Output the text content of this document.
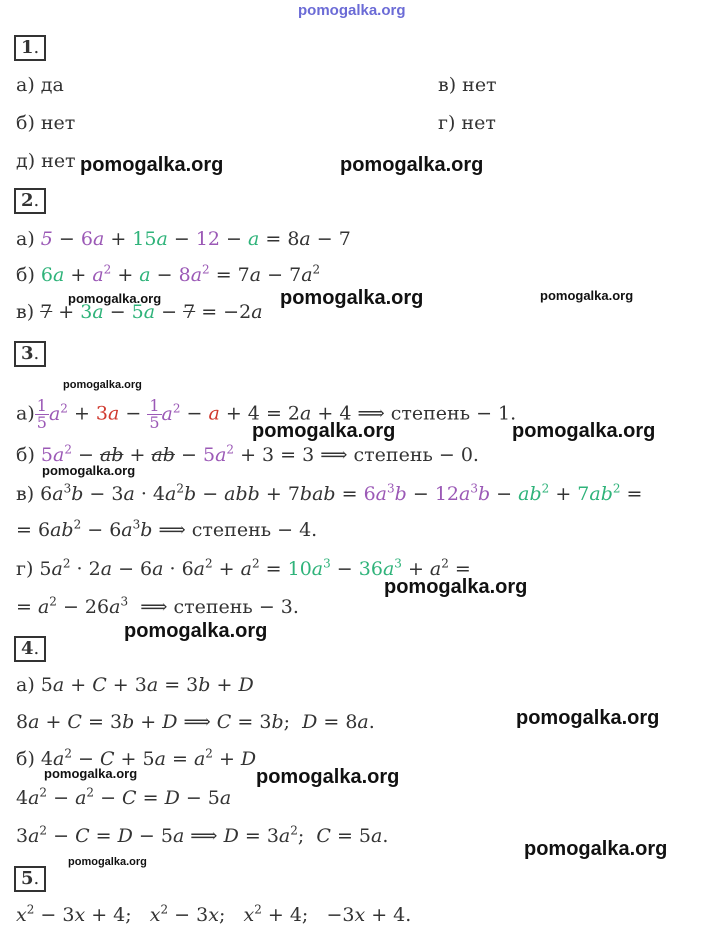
pomogalka.org
1.
а) да	в) нет
б) нет	г) нет
д) нет pomogalka.org	pomogalka.org
2.
а) 5 − 6a + 15a − 12 − a = 8a − 7
б) $6a + a^2 + a - 8a^2 = 7a - 7a^2$
в) 7 + 3a − 5a − 7 = −2a
pomogalka.org	pomogalka.org	pomogalka.org
3.
pomogalka.org
$а) \frac{1}{5} a^2 + 3a - \frac{1}{5} a^2 - a + 4 = 2a + 4$ ⟹ степень − 1.
pomogalka.org	pomogalka.org
б) $5a^2$ − ab + ab − $5a^2 + 3 = 3$ ⟹ степень − 0.
pomogalka.org
в) $6a^3b - 3a \cdot 4a^2b$ − abb + $7bab = 6a^3b - 12a^3b - ab^2 + 7ab^2$ =
= $6ab^2 - 6a^3b$ ⟹ степень − 4.
г) $5a^2 \cdot 2a - 6a \cdot 6a^2 + a^2 = 10a^3 - 36a^3 + a^2$ =
pomogalka.org
= $a^2 - 26a^3$ ⟹ степень − 3.
pomogalka.org
4.
а) 5a + C + 3a = 3b + D
8a + C = 3b + D ⟹ C = 3b;  D = 8a.	pomogalka.org
б) $4a^2 - C + 5a = a^2 + D$
pomogalka.org	pomogalka.org
$4a^2 - a^2 - C = D - 5a$
$3a^2 - C = D - 5a$ ⟹ $D = 3a^2$;  C = 5a.
pomogalka.org
5.
pomogalka.org
$x^2 - 3x + 4$;   $x^2 - 3x$;   $x^2 + 4$;   −3x + 4.
